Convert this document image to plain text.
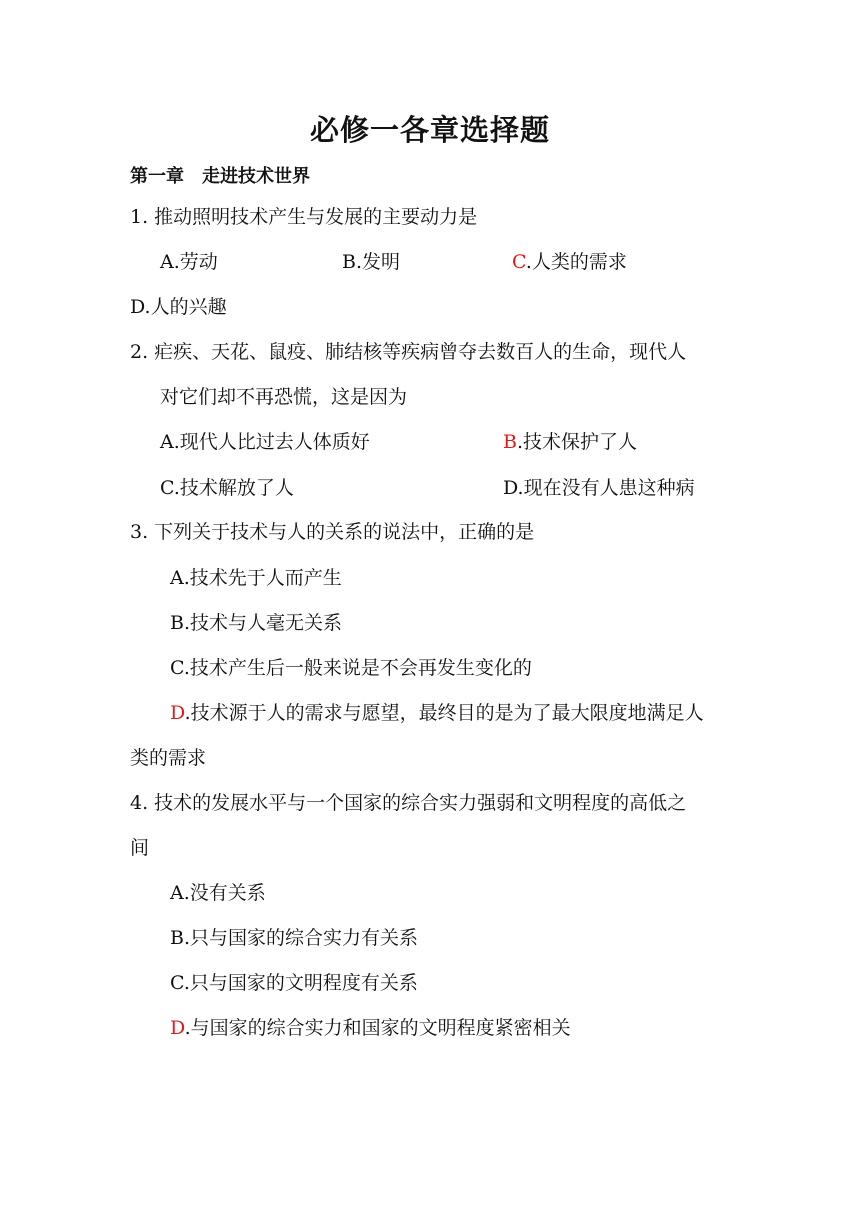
必修一各章选择题
第一章　走进技术世界
1. 推动照明技术产生与发展的主要动力是
A.劳动	B.发明	C.人类的需求
D.人的兴趣
2. 疟疾、天花、鼠疫、肺结核等疾病曾夺去数百人的生命，现代人
对它们却不再恐慌，这是因为
A.现代人比过去人体质好	B.技术保护了人
C.技术解放了人	D.现在没有人患这种病
3. 下列关于技术与人的关系的说法中，正确的是
A.技术先于人而产生
B.技术与人毫无关系
C.技术产生后一般来说是不会再发生变化的
D.技术源于人的需求与愿望，最终目的是为了最大限度地满足人
类的需求
4. 技术的发展水平与一个国家的综合实力强弱和文明程度的高低之
间
A.没有关系
B.只与国家的综合实力有关系
C.只与国家的文明程度有关系
D.与国家的综合实力和国家的文明程度紧密相关
